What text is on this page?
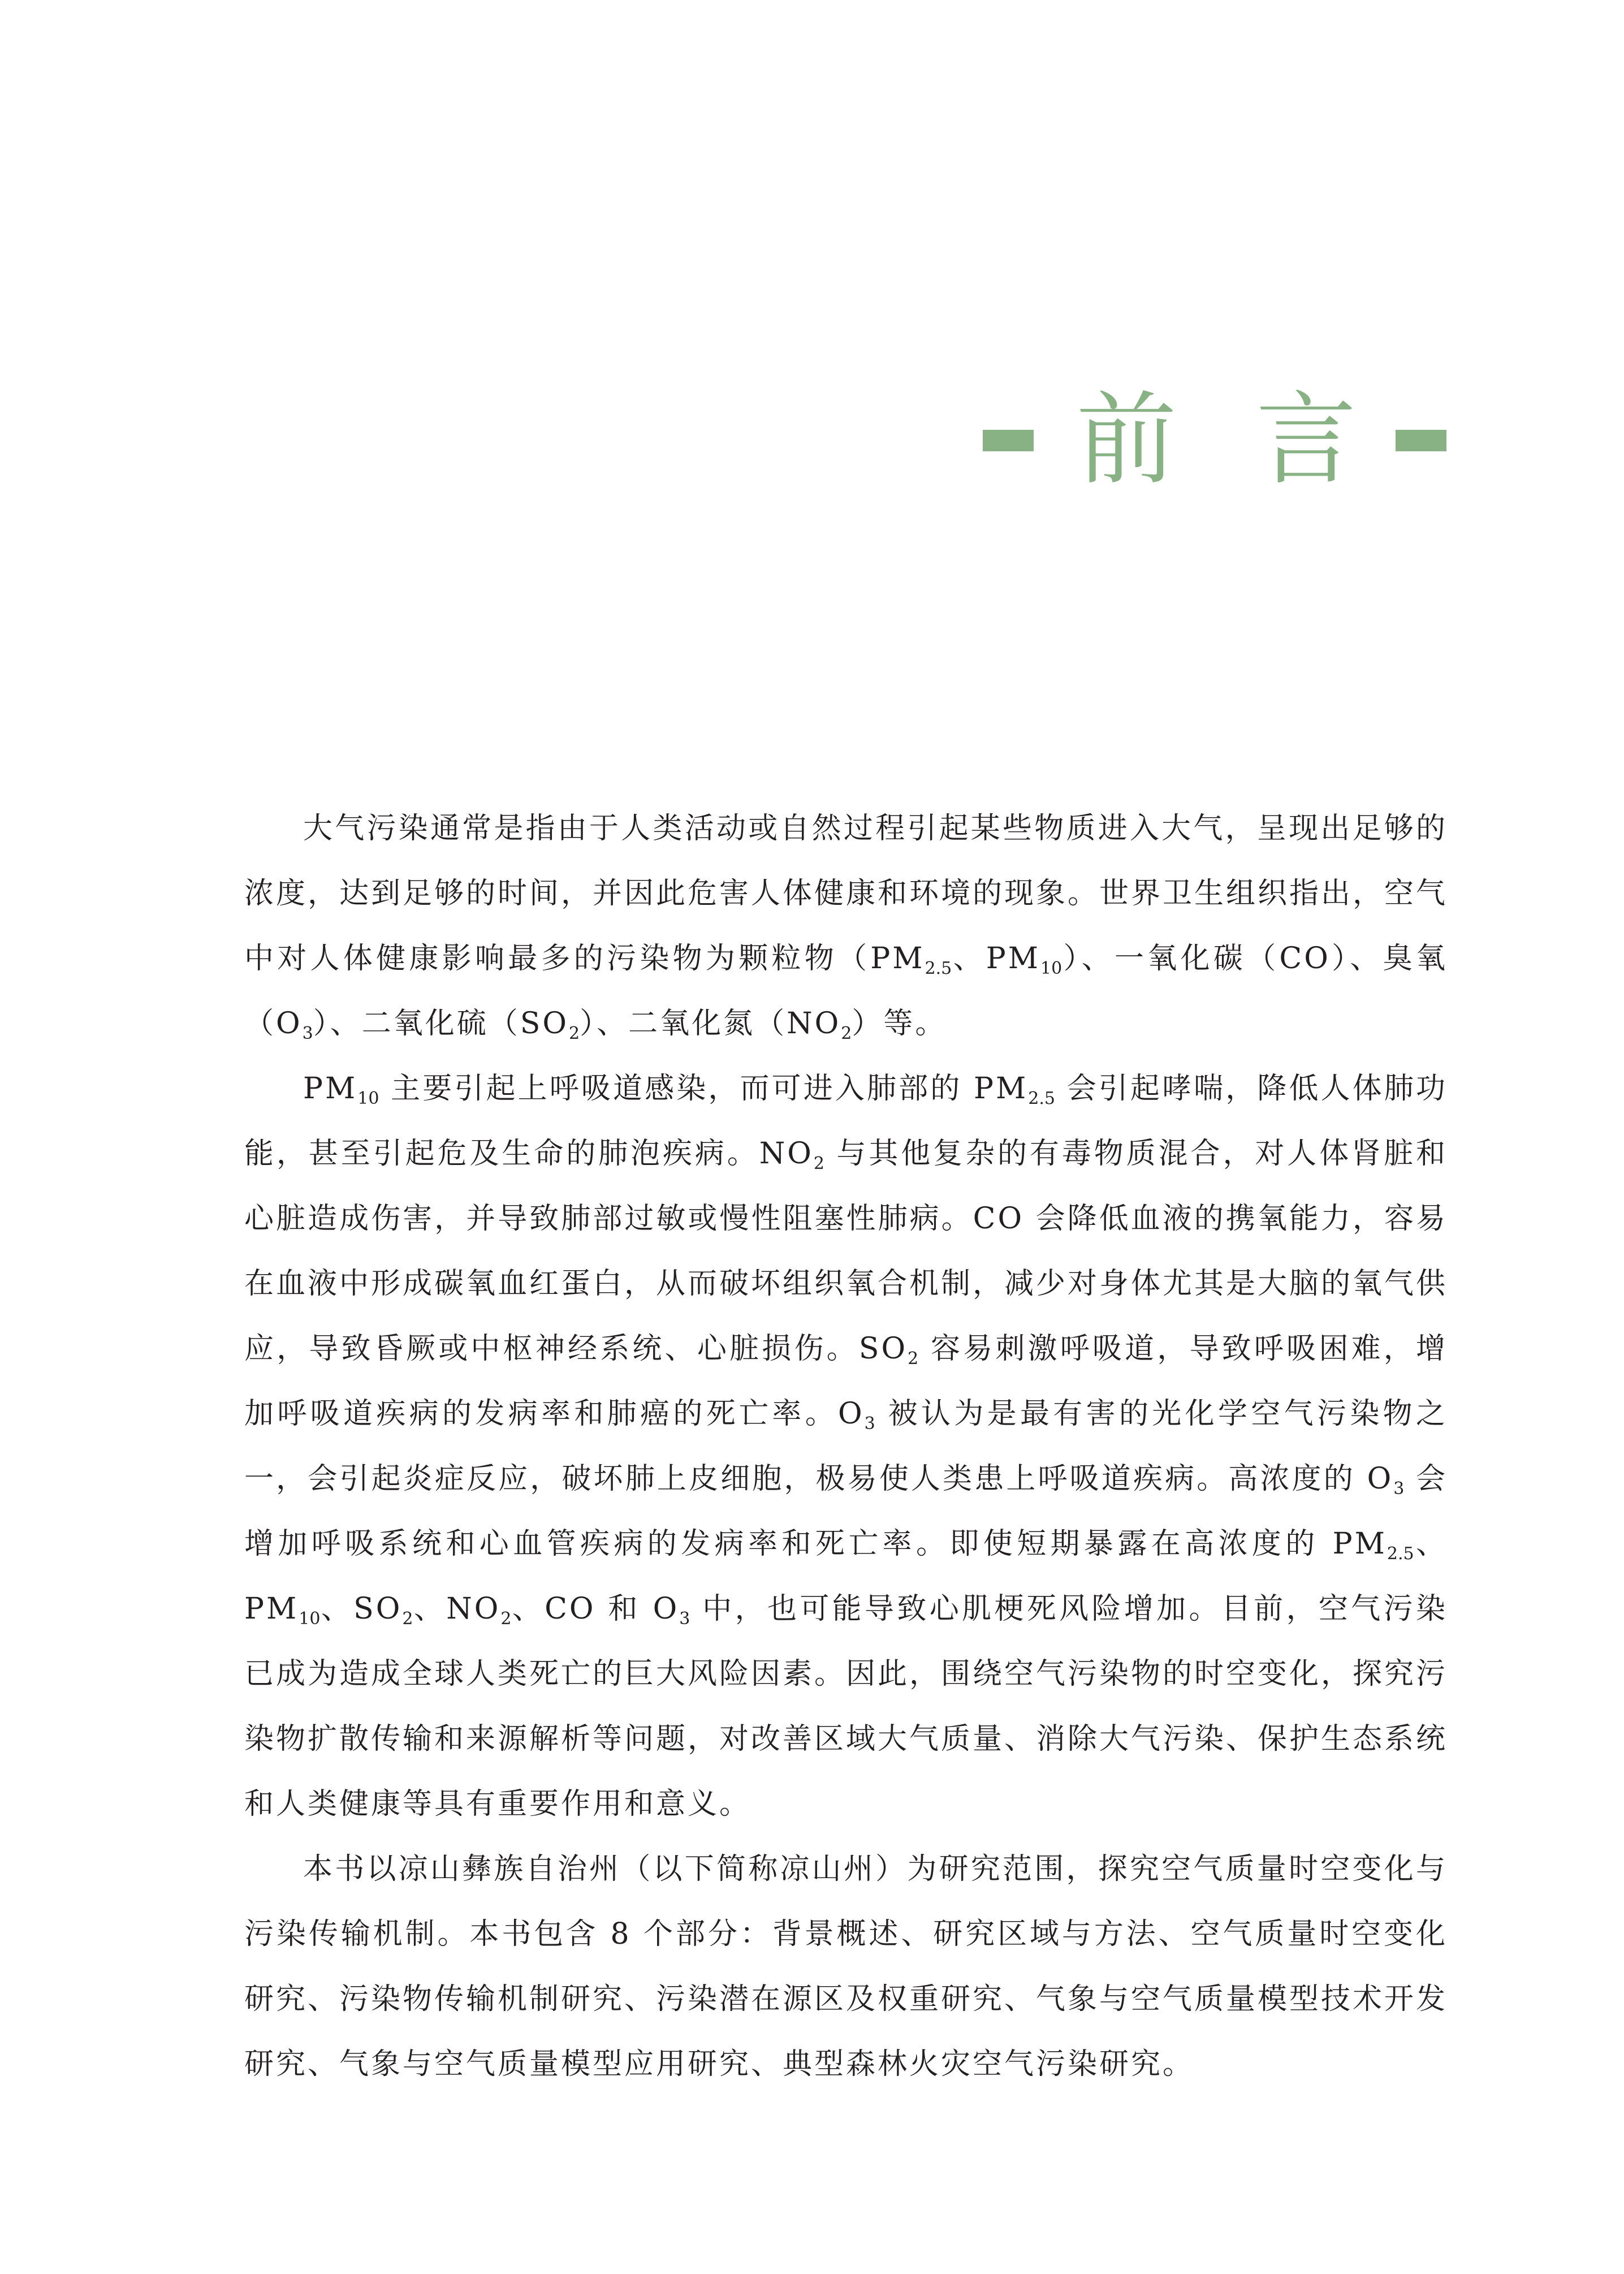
前 言

大气污染通常是指由于人类活动或自然过程引起某些物质进入大气，呈现出足够的浓度，达到足够的时间，并因此危害人体健康和环境的现象。世界卫生组织指出，空气中对人体健康影响最多的污染物为颗粒物（$PM_{2.5}$、$PM_{10}$）、一氧化碳（CO）、臭氧$(O_3)$、二氧化硫$(SO_2)$、二氧化氮$(NO_2)$等。

$PM_{10}$ 主要引起上呼吸道感染，而可进入肺部的 $PM_{2.5}$ 会引起哮喘，降低人体肺功能，甚至引起危及生命的肺泡疾病。$NO_2$ 与其他复杂的有毒物质混合，对人体肾脏和心脏造成伤害，并导致肺部过敏或慢性阻塞性肺病。CO 会降低血液的携氧能力，容易在血液中形成碳氧血红蛋白，从而破坏组织氧合机制，减少对身体尤其是大脑的氧气供应，导致昏厥或中枢神经系统、心脏损伤。$SO_2$ 容易刺激呼吸道，导致呼吸困难，增加呼吸道疾病的发病率和肺癌的死亡率。$O_3$ 被认为是最有害的光化学空气污染物之一，会引起炎症反应，破坏肺上皮细胞，极易使人类患上呼吸道疾病。高浓度的 $O_3$ 会增加呼吸系统和心血管疾病的发病率和死亡率。即使短期暴露在高浓度的 $PM_{2.5}$、$PM_{10}$、$SO_2$、$NO_2$、CO 和 $O_3$ 中，也可能导致心肌梗死风险增加。目前，空气污染已成为造成全球人类死亡的巨大风险因素。因此，围绕空气污染物的时空变化，探究污染物扩散传输和来源解析等问题，对改善区域大气质量、消除大气污染、保护生态系统和人类健康等具有重要作用和意义。

本书以凉山彝族自治州（以下简称凉山州）为研究范围，探究空气质量时空变化与污染传输机制。本书包含 8 个部分：背景概述、研究区域与方法、空气质量时空变化研究、污染物传输机制研究、污染潜在源区及权重研究、气象与空气质量模型技术开发研究、气象与空气质量模型应用研究、典型森林火灾空气污染研究。
